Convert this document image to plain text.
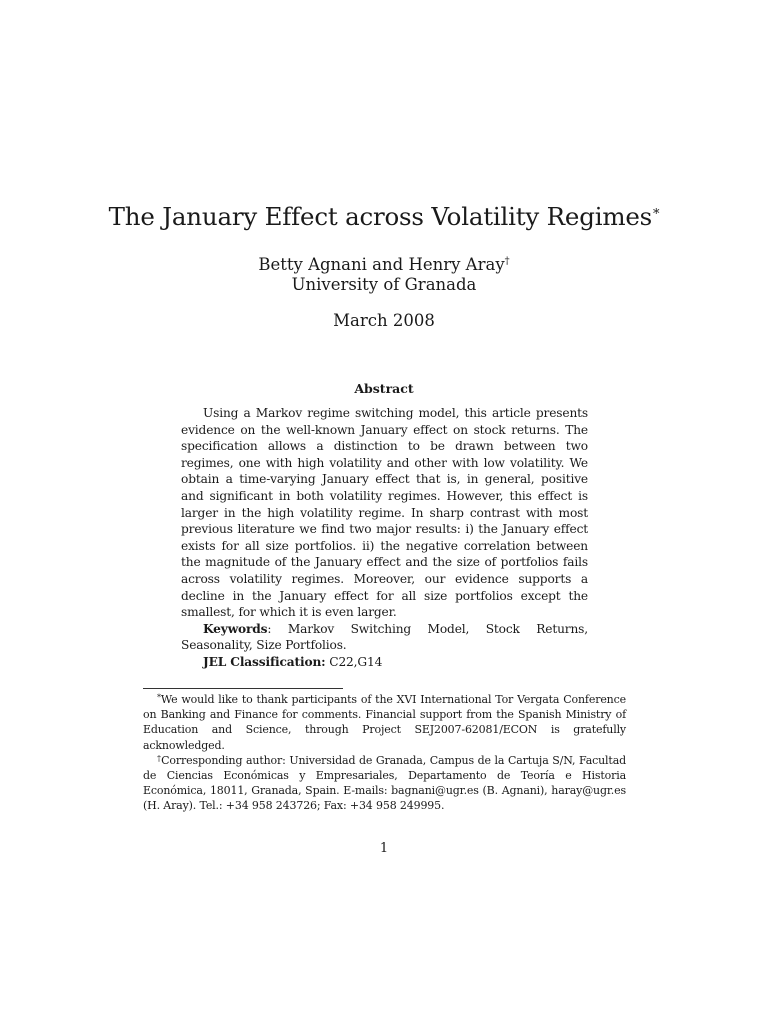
The January Effect across Volatility Regimes*
Betty Agnani and Henry Aray†
University of Granada
March 2008
Abstract

Using a Markov regime switching model, this article presents evidence on the well-known January effect on stock returns. The specification allows a distinction to be drawn between two regimes, one with high volatility and other with low volatility. We obtain a time-varying January effect that is, in general, positive and significant in both volatility regimes. However, this effect is larger in the high volatility regime. In sharp contrast with most previous literature we find two major results: i) the January effect exists for all size portfolios. ii) the negative correlation between the magnitude of the January effect and the size of portfolios fails across volatility regimes. Moreover, our evidence supports a decline in the January effect for all size portfolios except the smallest, for which it is even larger.

Keywords: Markov Switching Model, Stock Returns, Seasonality, Size Portfolios.

JEL Classification: C22,G14

*We would like to thank participants of the XVI International Tor Vergata Conference on Banking and Finance for comments. Financial support from the Spanish Ministry of Education and Science, through Project SEJ2007-62081/ECON is gratefully acknowledged.

†Corresponding author: Universidad de Granada, Campus de la Cartuja S/N, Facultad de Ciencias Económicas y Empresariales, Departamento de Teoría e Historia Económica, 18011, Granada, Spain. E-mails: bagnani@ugr.es (B. Agnani), haray@ugr.es (H. Aray). Tel.: +34 958 243726; Fax: +34 958 249995.

1
